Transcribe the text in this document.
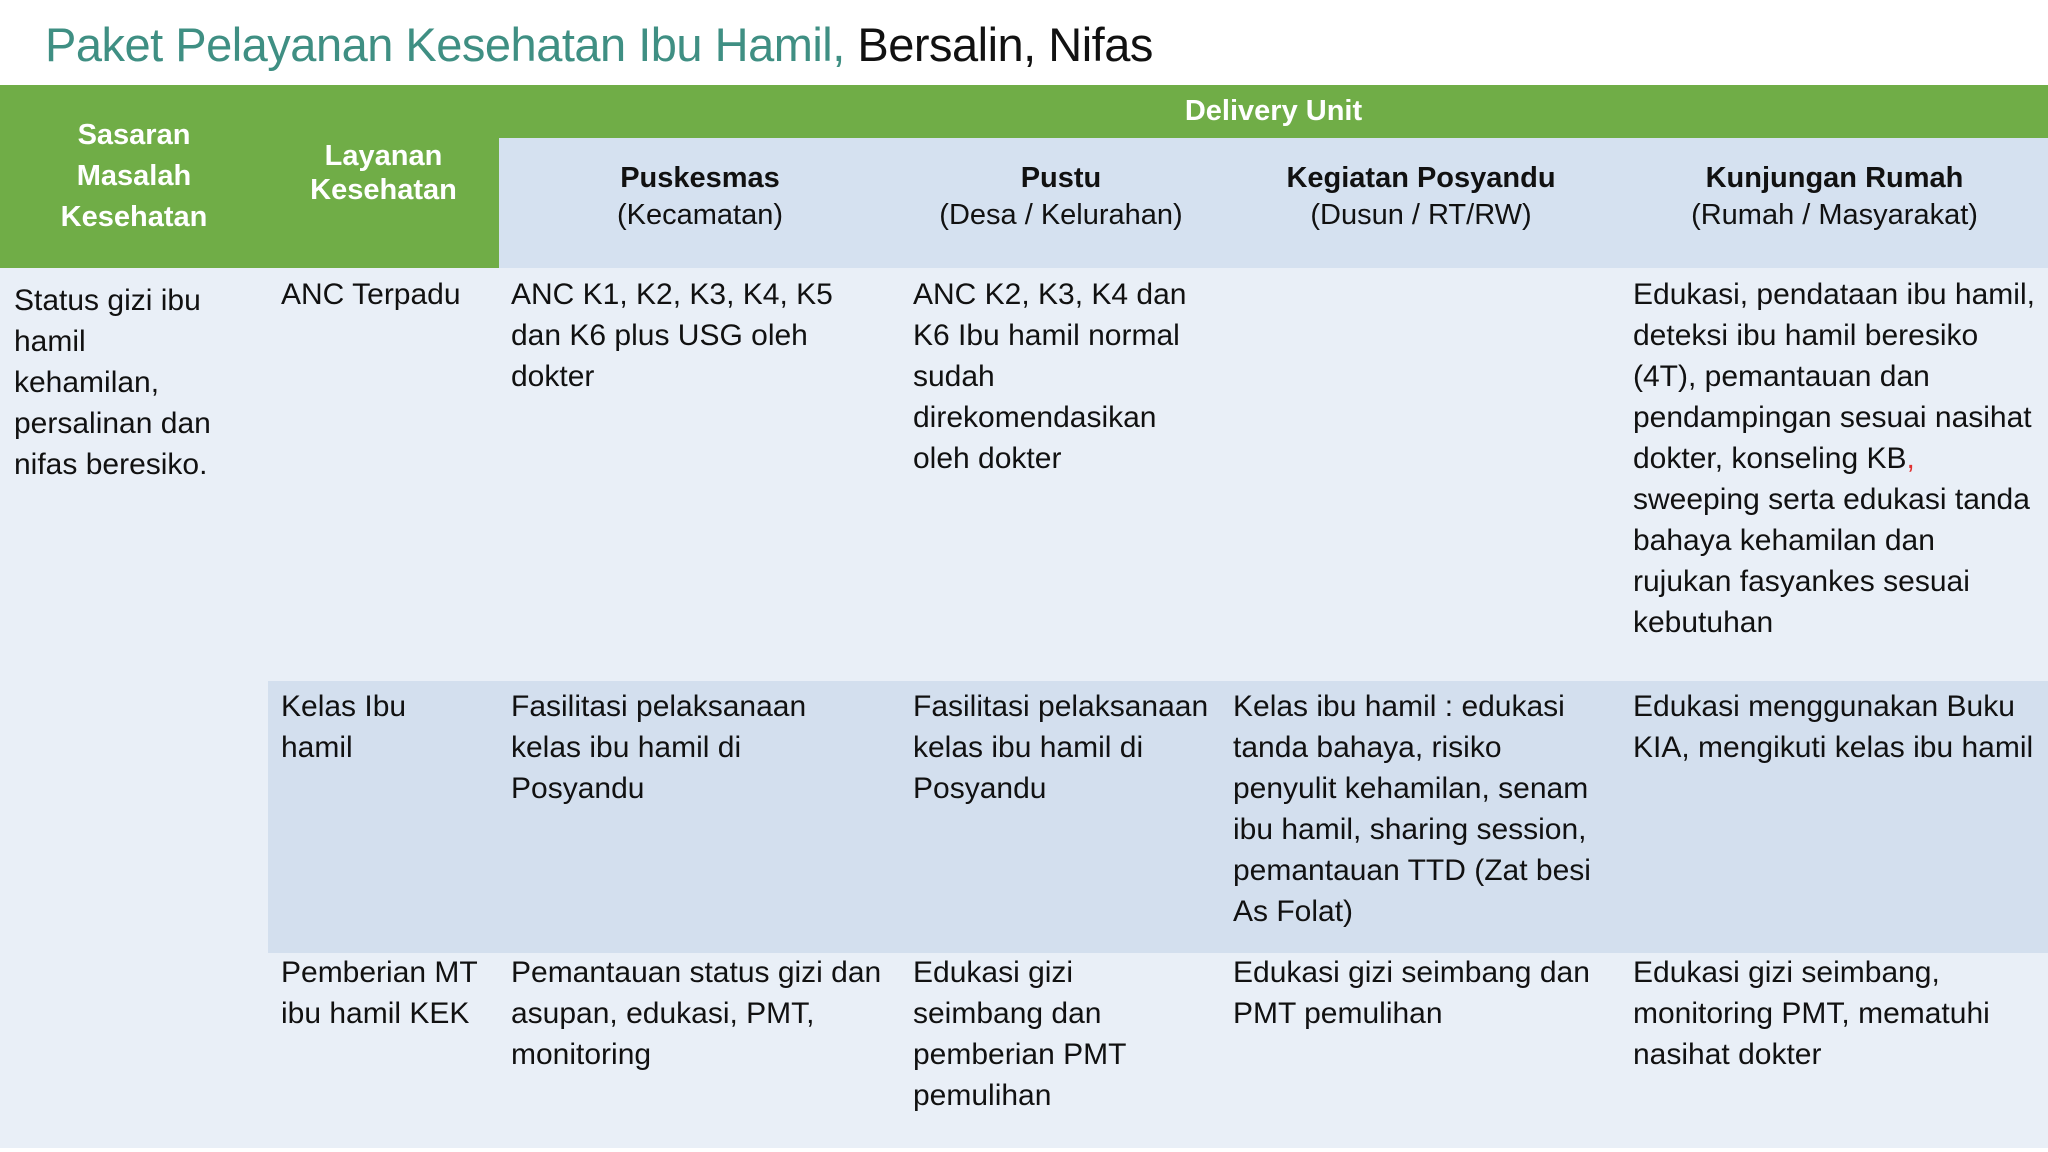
Paket Pelayanan Kesehatan Ibu Hamil, Bersalin, Nifas
Sasaran Masalah Kesehatan
Layanan Kesehatan
Delivery Unit
Puskesmas
(Kecamatan)
Pustu
(Desa / Kelurahan)
Kegiatan Posyandu
(Dusun / RT/RW)
Kunjungan Rumah
(Rumah / Masyarakat)
Status gizi ibu hamil kehamilan, persalinan dan nifas beresiko.
ANC Terpadu	ANC K1, K2, K3, K4, K5 dan K6 plus USG oleh dokter
ANC K2, K3, K4 dan K6 Ibu hamil normal sudah direkomendasikan oleh dokter
Edukasi, pendataan ibu hamil, deteksi ibu hamil beresiko (4T), pemantauan dan pendampingan sesuai nasihat dokter, konseling KB, sweeping serta edukasi tanda bahaya kehamilan dan rujukan fasyankes sesuai kebutuhan
Kelas Ibu hamil
Fasilitasi pelaksanaan kelas ibu hamil di Posyandu
Fasilitasi pelaksanaan kelas ibu hamil di Posyandu
Kelas ibu hamil : edukasi tanda bahaya, risiko penyulit kehamilan, senam ibu hamil, sharing session, pemantauan TTD (Zat besi As Folat)
Edukasi menggunakan Buku KIA, mengikuti kelas ibu hamil
Pemberian MT ibu hamil KEK
Pemantauan status gizi dan asupan, edukasi, PMT, monitoring
Edukasi gizi seimbang dan pemberian PMT pemulihan
Edukasi gizi seimbang dan PMT pemulihan
Edukasi gizi seimbang, monitoring PMT, mematuhi nasihat dokter
